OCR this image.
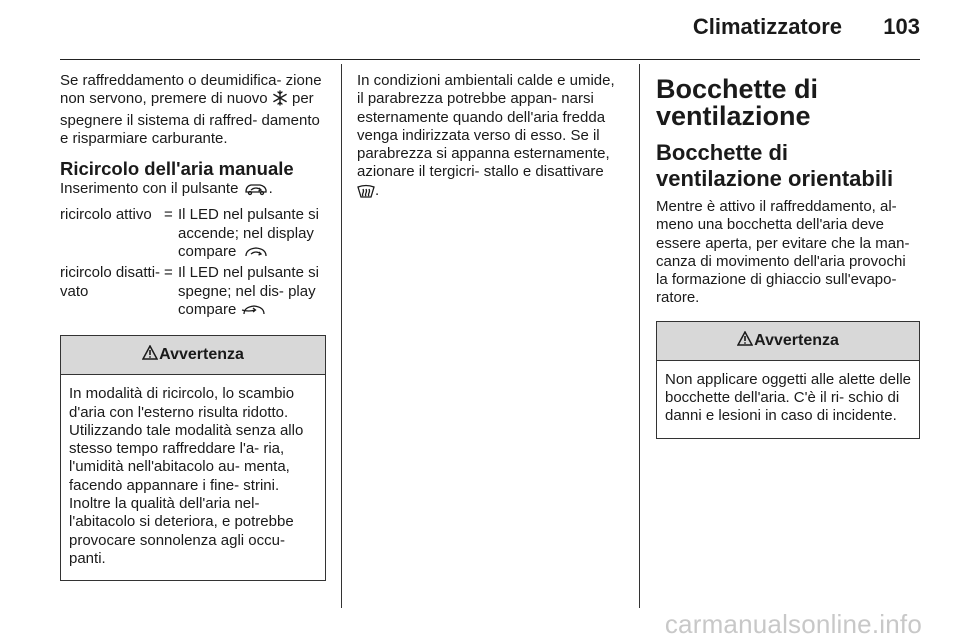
Climatizzatore 103

Se raffreddamento o deumidifica- zione non servono, premere di nuovo  per spegnere il sistema di raffred- damento e risparmiare carburante.

Ricircolo dell'aria manuale

Inserimento con il pulsante .

ricircolo attivo = Il LED nel pulsante si accende; nel display compare
ricircolo disatti- vato
= Il LED nel pulsante si spegne; nel dis- play compare
Avvertenza
In modalità di ricircolo, lo scambio d'aria con l'esterno risulta ridotto. Utilizzando tale modalità senza allo stesso tempo raffreddare l'a- ria, l'umidità nell'abitacolo au- menta, facendo appannare i fine- strini. Inoltre la qualità dell'aria nel- l'abitacolo si deteriora, e potrebbe provocare sonnolenza agli occu- panti.

In condizioni ambientali calde e umide, il parabrezza potrebbe appan- narsi esternamente quando dell'aria fredda venga indirizzata verso di esso. Se il parabrezza si appanna esternamente, azionare il tergicri- stallo e disattivare .

Bocchette di ventilazione

Bocchette di ventilazione orientabili

Mentre è attivo il raffreddamento, al- meno una bocchetta dell'aria deve essere aperta, per evitare che la man- canza di movimento dell'aria provochi la formazione di ghiaccio sull'evapo- ratore.

Avvertenza
Non applicare oggetti alle alette delle bocchette dell'aria. C'è il ri- schio di danni e lesioni in caso di incidente.
carmanualsonline.info
